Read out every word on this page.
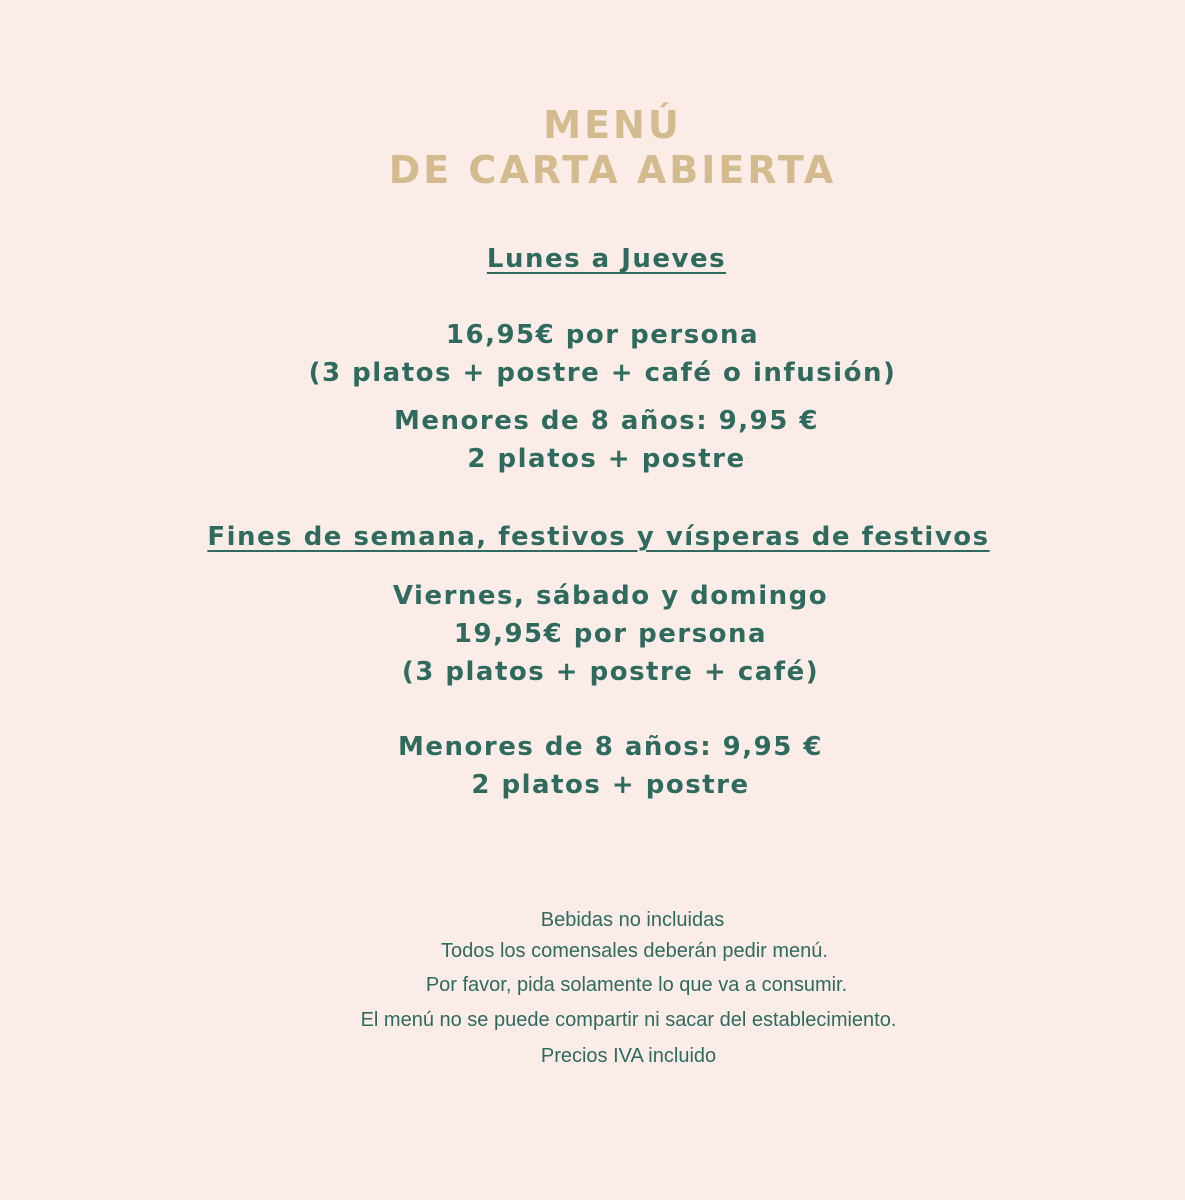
MENÚ
DE CARTA ABIERTA
Lunes a Jueves
16,95€ por persona
(3 platos + postre + café o infusión)
Menores de 8 años: 9,95 €
2 platos + postre
Fines de semana, festivos y vísperas de festivos
Viernes, sábado y domingo
19,95€ por persona
(3 platos + postre + café)
Menores de 8 años: 9,95 €
2 platos + postre
Bebidas no incluidas
Todos los comensales deberán pedir menú.
Por favor, pida solamente lo que va a consumir.
El menú no se puede compartir ni sacar del establecimiento.
Precios IVA incluido
